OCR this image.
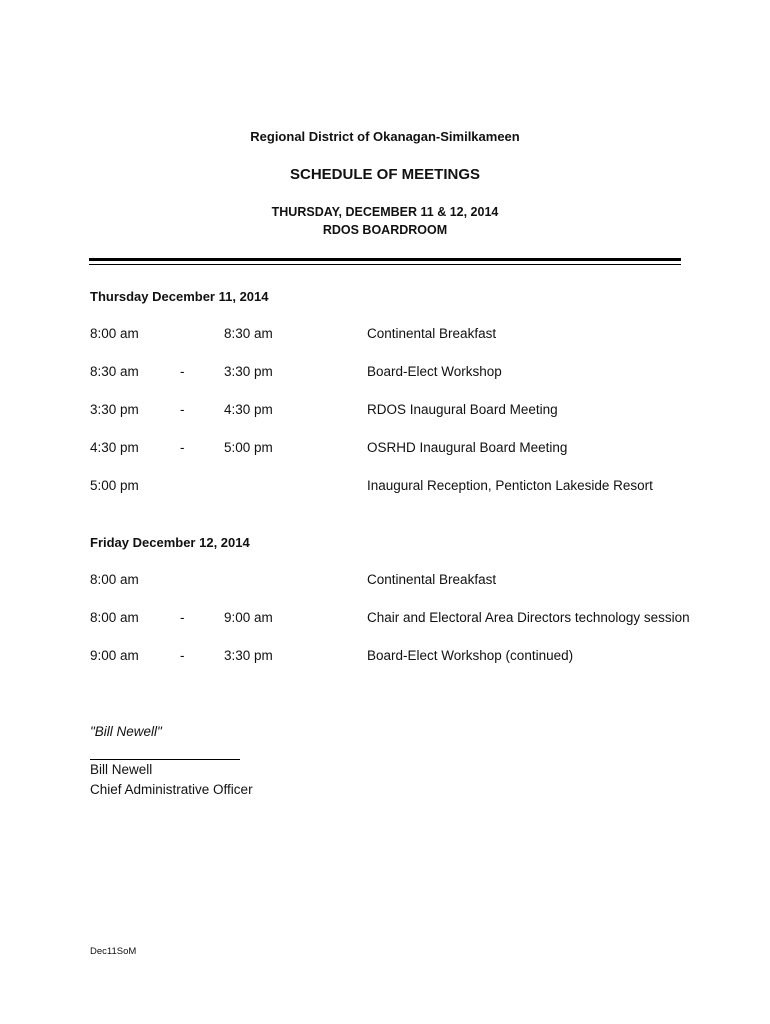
Regional District of Okanagan-Similkameen
SCHEDULE OF MEETINGS
THURSDAY, DECEMBER 11 & 12, 2014
RDOS BOARDROOM
Thursday December 11, 2014
8:00 am	8:30 am	Continental Breakfast
8:30 am	-	3:30 pm	Board-Elect Workshop
3:30 pm	-	4:30 pm	RDOS Inaugural Board Meeting
4:30 pm	-	5:00 pm	OSRHD Inaugural Board Meeting
5:00 pm	Inaugural Reception, Penticton Lakeside Resort
Friday December 12, 2014
8:00 am	Continental Breakfast
8:00 am	-	9:00 am	Chair and Electoral Area Directors technology session
9:00 am	-	3:30 pm	Board-Elect Workshop (continued)
"Bill Newell"
Bill Newell
Chief Administrative Officer
Dec11SoM
